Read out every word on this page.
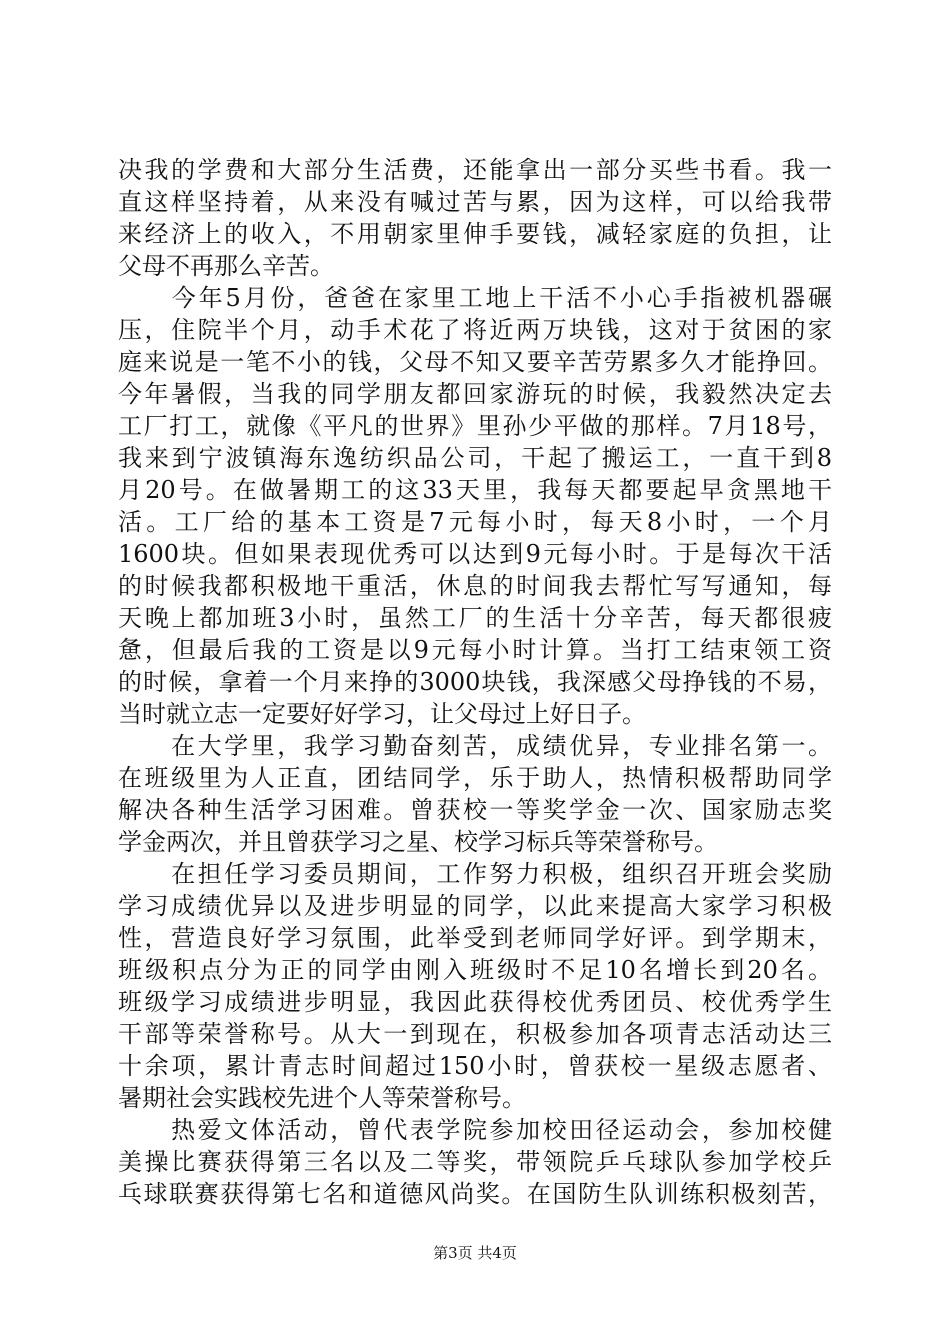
决我的学费和大部分生活费，还能拿出一部分买些书看。我一
直这样坚持着，从来没有喊过苦与累，因为这样，可以给我带
来经济上的收入，不用朝家里伸手要钱，减轻家庭的负担，让
父母不再那么辛苦。
　　今年5月份，爸爸在家里工地上干活不小心手指被机器碾
压，住院半个月，动手术花了将近两万块钱，这对于贫困的家
庭来说是一笔不小的钱，父母不知又要辛苦劳累多久才能挣回。
今年暑假，当我的同学朋友都回家游玩的时候，我毅然决定去
工厂打工，就像《平凡的世界》里孙少平做的那样。7月18号，
我来到宁波镇海东逸纺织品公司，干起了搬运工，一直干到8
月20号。在做暑期工的这33天里，我每天都要起早贪黑地干
活。工厂给的基本工资是7元每小时，每天8小时，一个月
1600块。但如果表现优秀可以达到9元每小时。于是每次干活
的时候我都积极地干重活，休息的时间我去帮忙写写通知，每
天晚上都加班3小时，虽然工厂的生活十分辛苦，每天都很疲
惫，但最后我的工资是以9元每小时计算。当打工结束领工资
的时候，拿着一个月来挣的3000块钱，我深感父母挣钱的不易，
当时就立志一定要好好学习，让父母过上好日子。
　　在大学里，我学习勤奋刻苦，成绩优异，专业排名第一。
在班级里为人正直，团结同学，乐于助人，热情积极帮助同学
解决各种生活学习困难。曾获校一等奖学金一次、国家励志奖
学金两次，并且曾获学习之星、校学习标兵等荣誉称号。
　　在担任学习委员期间，工作努力积极，组织召开班会奖励
学习成绩优异以及进步明显的同学，以此来提高大家学习积极
性，营造良好学习氛围，此举受到老师同学好评。到学期末，
班级积点分为正的同学由刚入班级时不足10名增长到20名。
班级学习成绩进步明显，我因此获得校优秀团员、校优秀学生
干部等荣誉称号。从大一到现在，积极参加各项青志活动达三
十余项，累计青志时间超过150小时，曾获校一星级志愿者、
暑期社会实践校先进个人等荣誉称号。
　　热爱文体活动，曾代表学院参加校田径运动会，参加校健
美操比赛获得第三名以及二等奖，带领院乒乓球队参加学校乒
乓球联赛获得第七名和道德风尚奖。在国防生队训练积极刻苦，
第3页 共4页
